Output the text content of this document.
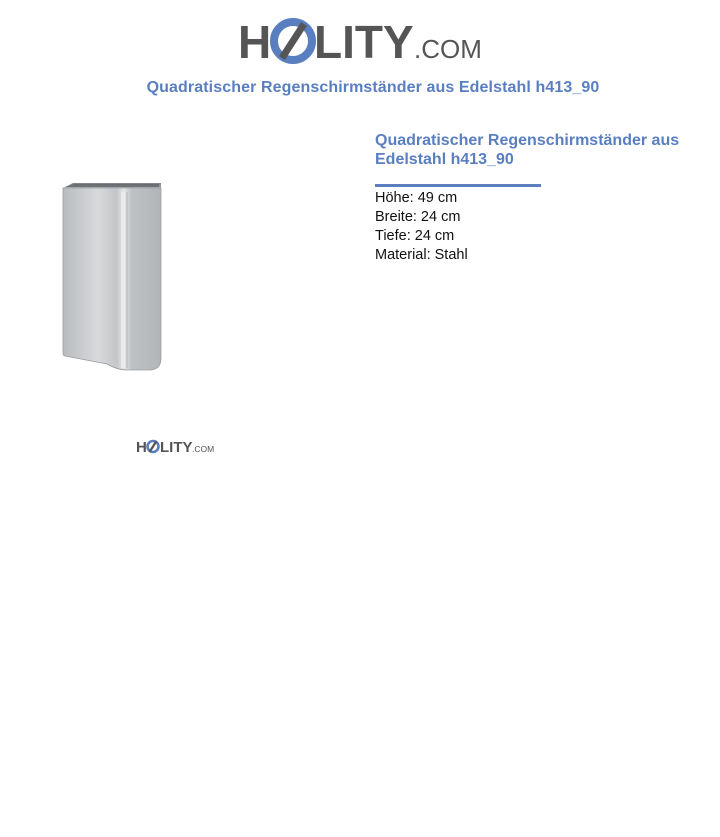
H LITY .COM
Quadratischer Regenschirmständer aus Edelstahl h413_90
H LITY .COM
Quadratischer Regenschirmständer aus
Edelstahl h413_90
Höhe: 49 cm
Breite: 24 cm
Tiefe: 24 cm
Material: Stahl
